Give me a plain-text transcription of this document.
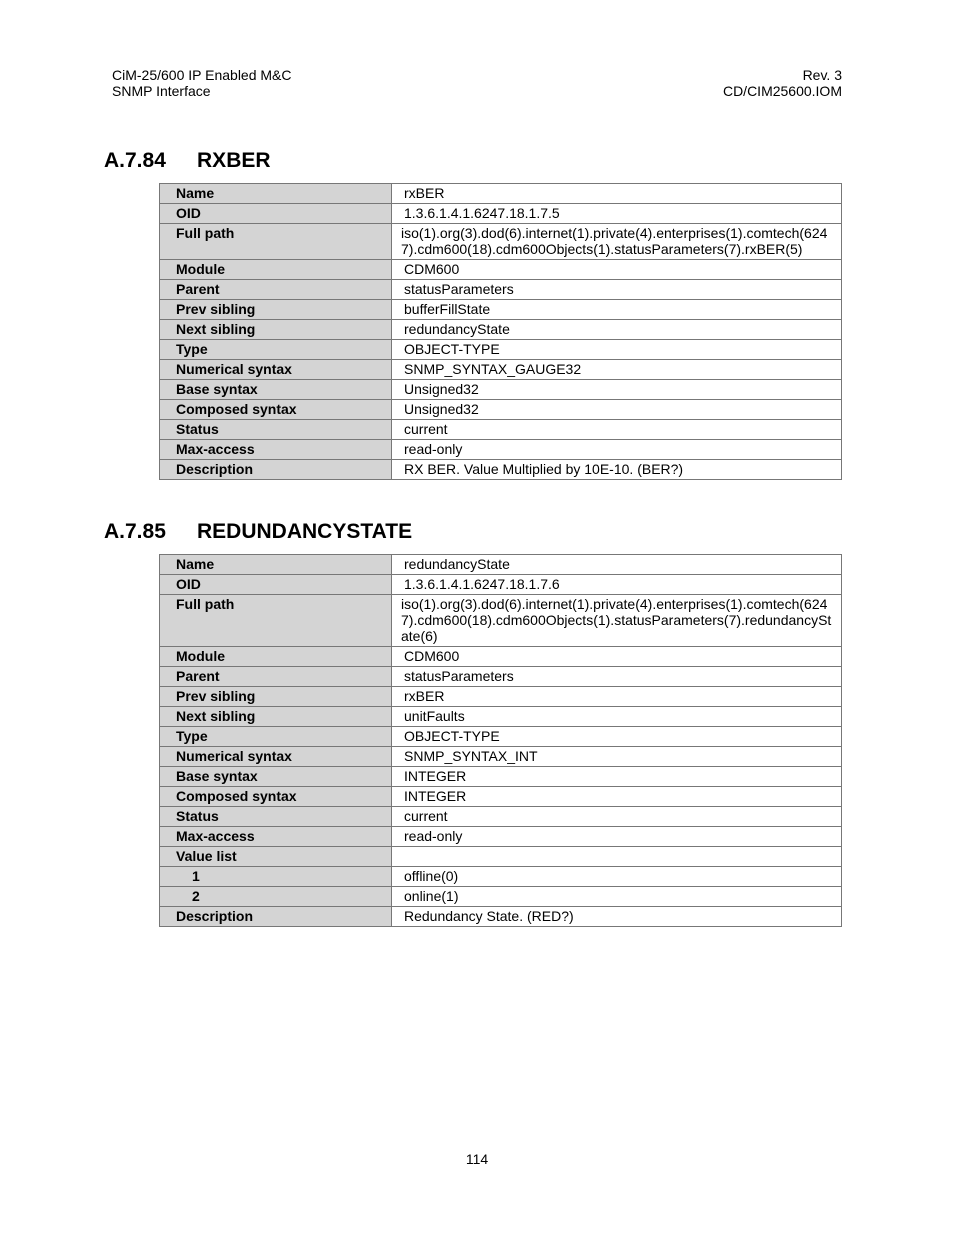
CiM-25/600 IP Enabled M&C
SNMP Interface
Rev. 3
CD/CIM25600.IOM
A.7.84 RXBER
Name	rxBER
OID	1.3.6.1.4.1.6247.18.1.7.5
Full path	iso(1).org(3).dod(6).internet(1).private(4).enterprises(1).comtech(6247).cdm600(18).cdm600Objects(1).statusParameters(7).rxBER(5)
Module	CDM600
Parent	statusParameters
Prev sibling	bufferFillState
Next sibling	redundancyState
Type	OBJECT-TYPE
Numerical syntax	SNMP_SYNTAX_GAUGE32
Base syntax	Unsigned32
Composed syntax	Unsigned32
Status	current
Max-access	read-only
Description	RX BER. Value Multiplied by 10E-10. (BER?)
A.7.85 REDUNDANCYSTATE
Name	redundancyState
OID	1.3.6.1.4.1.6247.18.1.7.6
Full path	iso(1).org(3).dod(6).internet(1).private(4).enterprises(1).comtech(6247).cdm600(18).cdm600Objects(1).statusParameters(7).redundancyState(6)
Module	CDM600
Parent	statusParameters
Prev sibling	rxBER
Next sibling	unitFaults
Type	OBJECT-TYPE
Numerical syntax	SNMP_SYNTAX_INT
Base syntax	INTEGER
Composed syntax	INTEGER
Status	current
Max-access	read-only
Value list	
1	offline(0)
2	online(1)
Description	Redundancy State. (RED?)
114
